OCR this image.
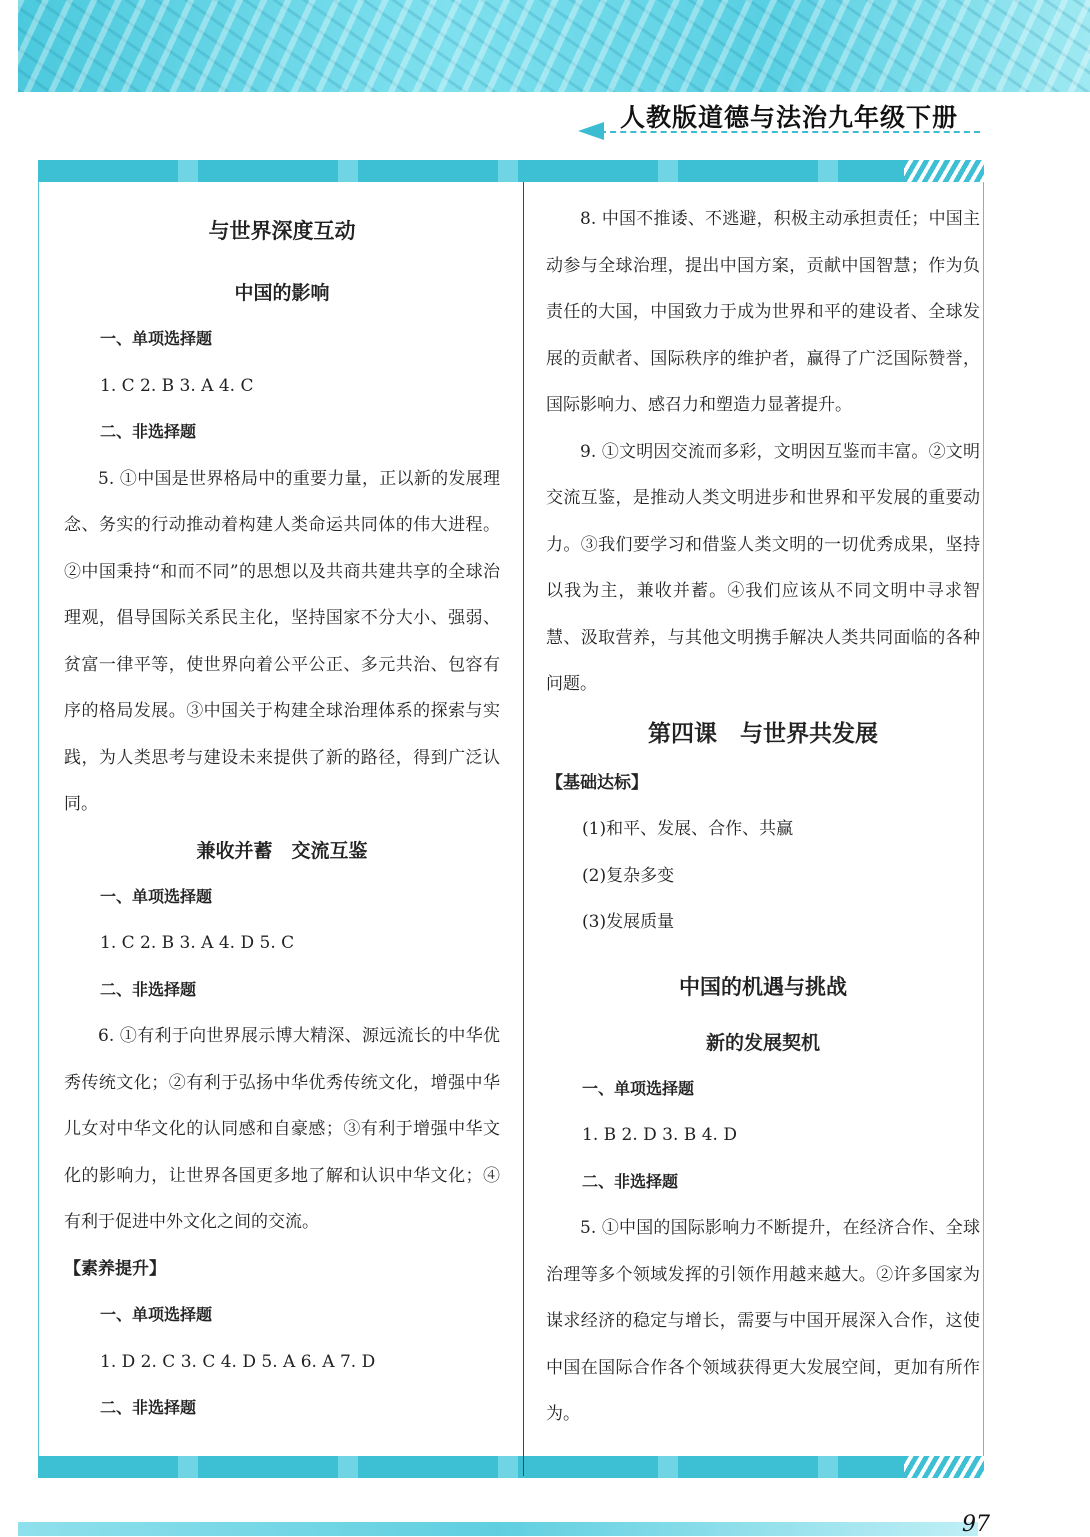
人教版道德与法治九年级下册
与世界深度互动
中国的影响

一、单项选择题

1. C 2. B 3. A 4. C

二、非选择题

5. ①中国是世界格局中的重要力量，正以新的发展理念、务实的行动推动着构建人类命运共同体的伟大进程。②中国秉持“和而不同”的思想以及共商共建共享的全球治理观，倡导国际关系民主化，坚持国家不分大小、强弱、贫富一律平等，使世界向着公平公正、多元共治、包容有序的格局发展。③中国关于构建全球治理体系的探索与实践，为人类思考与建设未来提供了新的路径，得到广泛认同。

兼收并蓄　交流互鉴

一、单项选择题

1. C 2. B 3. A 4. D 5. C

二、非选择题

6. ①有利于向世界展示博大精深、源远流长的中华优秀传统文化；②有利于弘扬中华优秀传统文化，增强中华儿女对中华文化的认同感和自豪感；③有利于增强中华文化的影响力，让世界各国更多地了解和认识中华文化；④有利于促进中外文化之间的交流。

【素养提升】

一、单项选择题

1. D 2. C 3. C 4. D 5. A 6. A 7. D

二、非选择题

8. 中国不推诿、不逃避，积极主动承担责任；中国主动参与全球治理，提出中国方案，贡献中国智慧；作为负责任的大国，中国致力于成为世界和平的建设者、全球发展的贡献者、国际秩序的维护者，赢得了广泛国际赞誉，国际影响力、感召力和塑造力显著提升。

9. ①文明因交流而多彩，文明因互鉴而丰富。②文明交流互鉴，是推动人类文明进步和世界和平发展的重要动力。③我们要学习和借鉴人类文明的一切优秀成果，坚持以我为主，兼收并蓄。④我们应该从不同文明中寻求智慧、汲取营养，与其他文明携手解决人类共同面临的各种问题。

第四课　与世界共发展

【基础达标】

(1)和平、发展、合作、共赢

(2)复杂多变

(3)发展质量

中国的机遇与挑战
新的发展契机

一、单项选择题

1. B 2. D 3. B 4. D

二、非选择题

5. ①中国的国际影响力不断提升，在经济合作、全球治理等多个领域发挥的引领作用越来越大。②许多国家为谋求经济的稳定与增长，需要与中国开展深入合作，这使中国在国际合作各个领域获得更大发展空间，更加有所作为。

97
